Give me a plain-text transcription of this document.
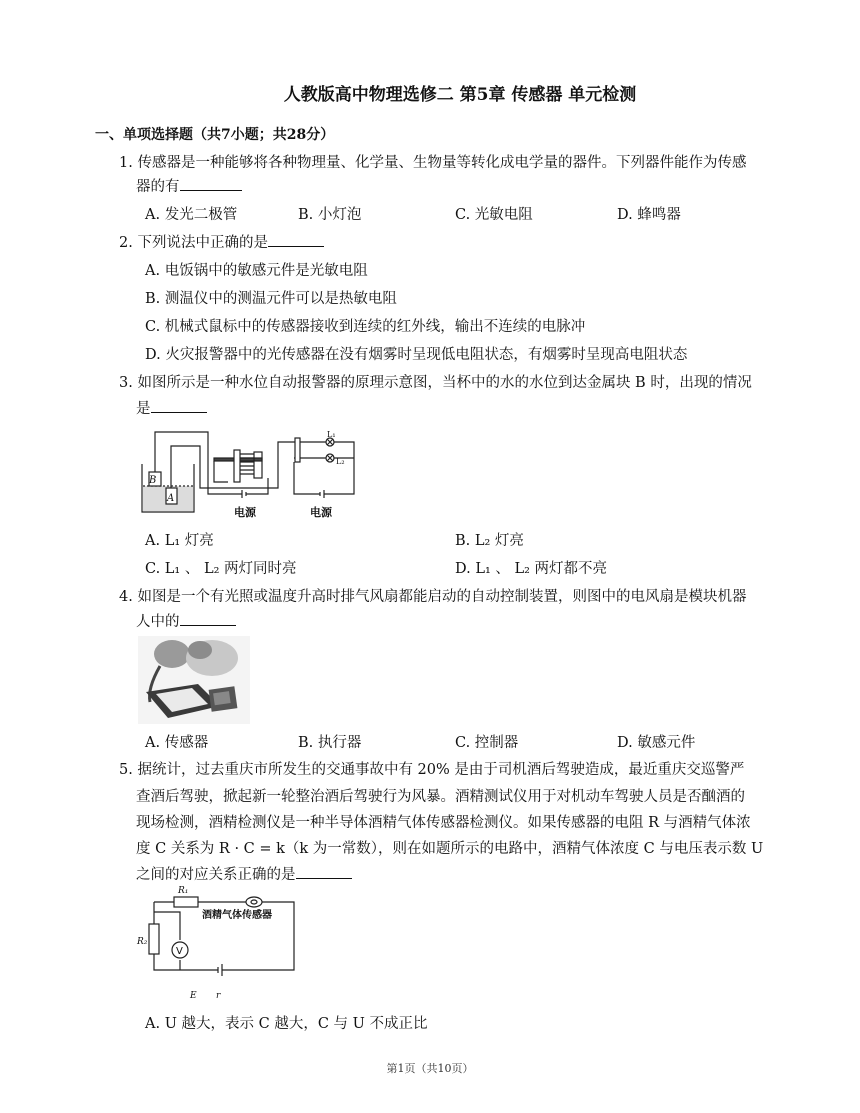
人教版高中物理选修二 第5章 传感器 单元检测
一、单项选择题（共7小题；共28分）
1. 传感器是一种能够将各种物理量、化学量、生物量等转化成电学量的器件。下列器件能作为传感
器的有
A. 发光二极管	B. 小灯泡	C. 光敏电阻	D. 蜂鸣器
2. 下列说法中正确的是
A. 电饭锅中的敏感元件是光敏电阻
B. 测温仪中的测温元件可以是热敏电阻
C. 机械式鼠标中的传感器接收到连续的红外线，输出不连续的电脉冲
D. 火灾报警器中的光传感器在没有烟雾时呈现低电阻状态，有烟雾时呈现高电阻状态
3. 如图所示是一种水位自动报警器的原理示意图，当杯中的水的水位到达金属块 B 时，出现的情况
是
B
A
L₁
L₂
电源	电源
A. L₁ 灯亮	B. L₂ 灯亮
C. L₁ 、 L₂ 两灯同时亮	D. L₁ 、 L₂ 两灯都不亮
4. 如图是一个有光照或温度升高时排气风扇都能启动的自动控制装置，则图中的电风扇是模块机器
人中的
A. 传感器	B. 执行器	C. 控制器	D. 敏感元件
5. 据统计，过去重庆市所发生的交通事故中有 20% 是由于司机酒后驾驶造成，最近重庆交巡警严
查酒后驾驶，掀起新一轮整治酒后驾驶行为风暴。酒精测试仪用于对机动车驾驶人员是否酗酒的
现场检测，酒精检测仪是一种半导体酒精气体传感器检测仪。如果传感器的电阻 R 与酒精气体浓
度 C 关系为 R · C = k（k 为一常数），则在如题所示的电路中，酒精气体浓度 C 与电压表示数 U
之间的对应关系正确的是
R₁
R₂
酒精气体传感器
V
E r
A. U 越大，表示 C 越大，C 与 U 不成正比
第1页（共10页）
